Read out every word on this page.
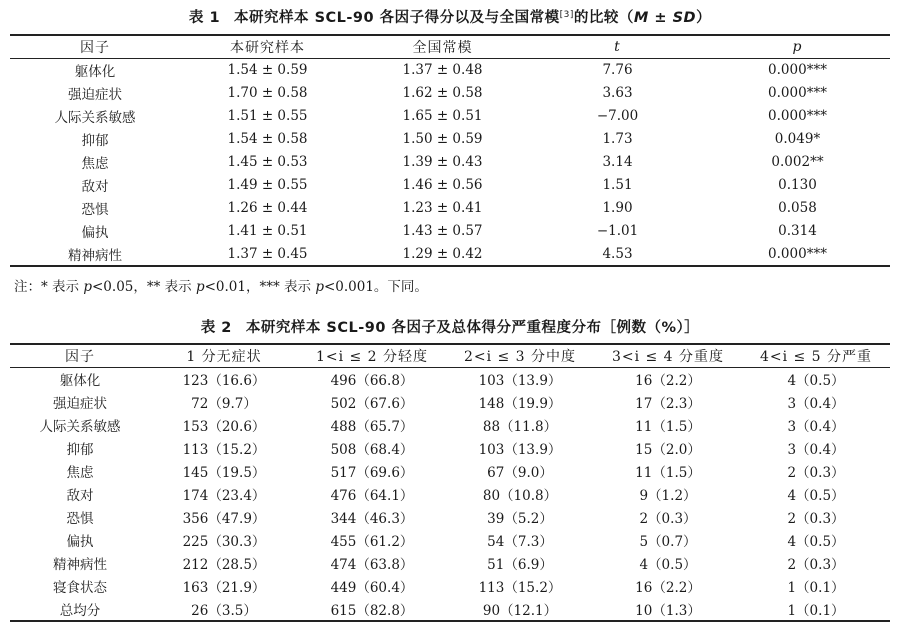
表 1 本研究样本 SCL-90 各因子得分以及与全国常模[3]的比较（M ± SD）
因子	本研究样本	全国常模	t	p
躯体化	1.54 ± 0.59	1.37 ± 0.48	7.76	0.000***
强迫症状	1.70 ± 0.58	1.62 ± 0.58	3.63	0.000***
人际关系敏感	1.51 ± 0.55	1.65 ± 0.51	−7.00	0.000***
抑郁	1.54 ± 0.58	1.50 ± 0.59	1.73	0.049*
焦虑	1.45 ± 0.53	1.39 ± 0.43	3.14	0.002**
敌对	1.49 ± 0.55	1.46 ± 0.56	1.51	0.130
恐惧	1.26 ± 0.44	1.23 ± 0.41	1.90	0.058
偏执	1.41 ± 0.51	1.43 ± 0.57	−1.01	0.314
精神病性	1.37 ± 0.45	1.29 ± 0.42	4.53	0.000***
注：* 表示 p<0.05，** 表示 p<0.01，*** 表示 p<0.001。下同。
表 2 本研究样本 SCL-90 各因子及总体得分严重程度分布［例数（%）］
因子	1 分无症状	1<i ≤ 2 分轻度	2<i ≤ 3 分中度	3<i ≤ 4 分重度	4<i ≤ 5 分严重
躯体化	123（16.6）	496（66.8）	103（13.9）	16（2.2）	4（0.5）
强迫症状	72（9.7）	502（67.6）	148（19.9）	17（2.3）	3（0.4）
人际关系敏感	153（20.6）	488（65.7）	88（11.8）	11（1.5）	3（0.4）
抑郁	113（15.2）	508（68.4）	103（13.9）	15（2.0）	3（0.4）
焦虑	145（19.5）	517（69.6）	67（9.0）	11（1.5）	2（0.3）
敌对	174（23.4）	476（64.1）	80（10.8）	9（1.2）	4（0.5）
恐惧	356（47.9）	344（46.3）	39（5.2）	2（0.3）	2（0.3）
偏执	225（30.3）	455（61.2）	54（7.3）	5（0.7）	4（0.5）
精神病性	212（28.5）	474（63.8）	51（6.9）	4（0.5）	2（0.3）
寝食状态	163（21.9）	449（60.4）	113（15.2）	16（2.2）	1（0.1）
总均分	26（3.5）	615（82.8）	90（12.1）	10（1.3）	1（0.1）
